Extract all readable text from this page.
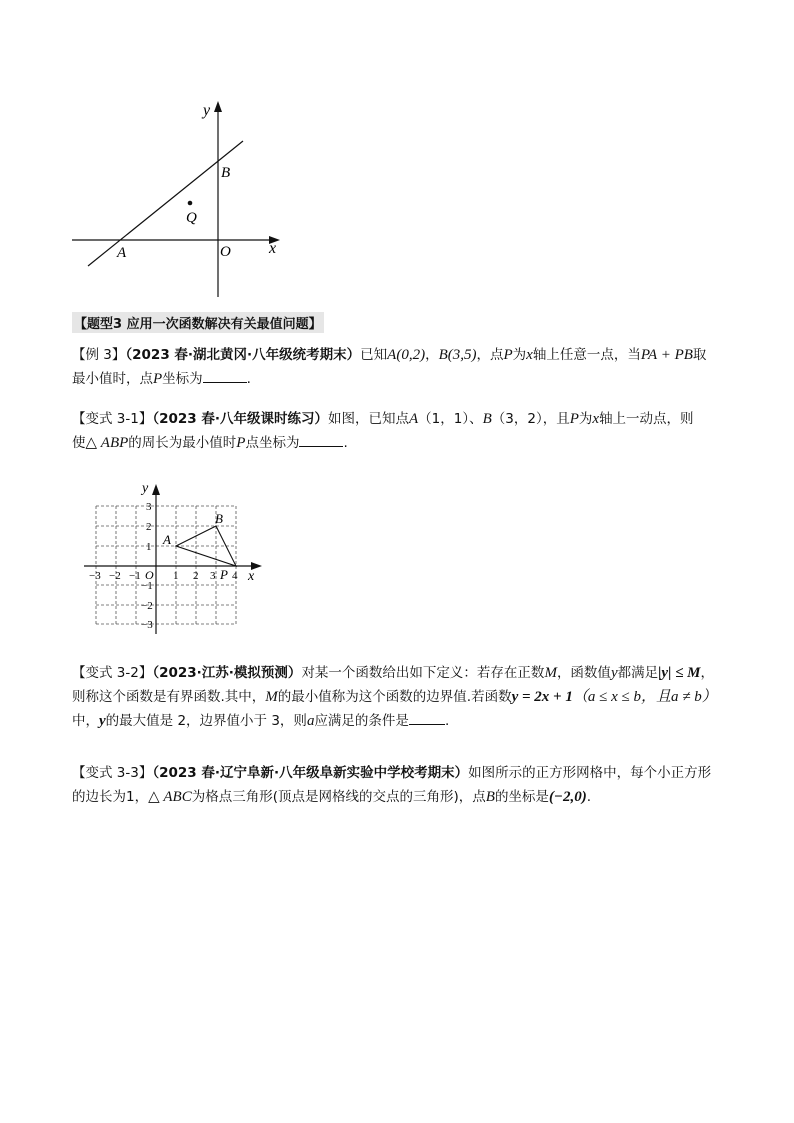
y
x
O
B
A
Q
【题型3 应用一次函数解决有关最值问题】
【例 3】（2023 春·湖北黄冈·八年级统考期末）已知A(0,2)，B(3,5)，点P为x轴上任意一点，当PA + PB取
最小值时，点P坐标为	.
【变式 3-1】（2023 春·八年级课时练习）如图，已知点A（1，1）、B（3，2），且P为x轴上一动点，则
使△ ABP的周长为最小值时P点坐标为	.
y
x
O
−3 −2 −1	1 2 3 4
3
2
1
−1
−2
−3
A
B
P
【变式 3-2】（2023·江苏·模拟预测）对某一个函数给出如下定义：若存在正数M，函数值y都满足|y| ≤ M，
则称这个函数是有界函数.其中，M的最小值称为这个函数的边界值.若函数y = 2x + 1（a ≤ x ≤ b，且a ≠ b）
中，y的最大值是 2，边界值小于 3，则a应满足的条件是	.
【变式 3-3】（2023 春·辽宁阜新·八年级阜新实验中学校考期末）如图所示的正方形网格中，每个小正方形
的边长为1，△ ABC为格点三角形(顶点是网格线的交点的三角形)，点B的坐标是(−2,0).
